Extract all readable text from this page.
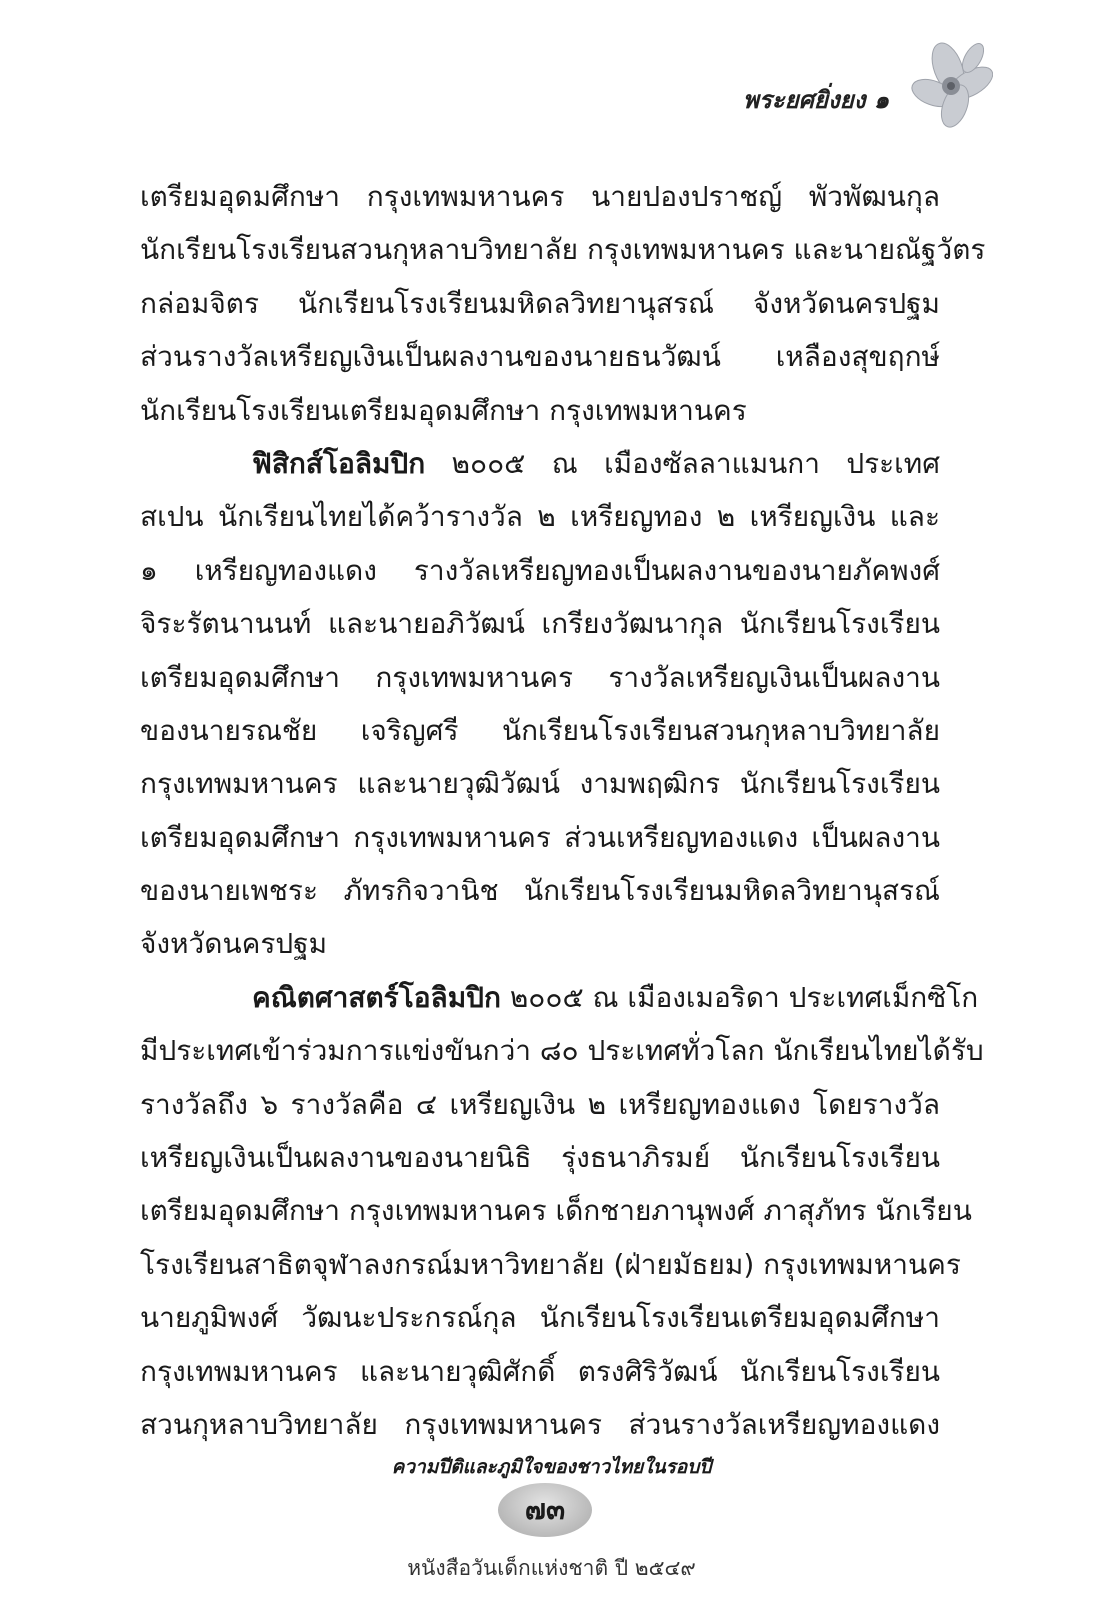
พระยศยิ่งยง ๑
เตรียมอุดมศึกษา กรุงเทพมหานคร นายปองปราชญ์ พัวพัฒนกุล
นักเรียนโรงเรียนสวนกุหลาบวิทยาลัย กรุงเทพมหานคร และนายณัฐวัตร
กล่อมจิตร นักเรียนโรงเรียนมหิดลวิทยานุสรณ์ จังหวัดนครปฐม
ส่วนรางวัลเหรียญเงินเป็นผลงานของนายธนวัฒน์ เหลืองสุขฤกษ์
นักเรียนโรงเรียนเตรียมอุดมศึกษา กรุงเทพมหานคร
ฟิสิกส์โอลิมปิก ๒๐๐๕ ณ เมืองซัลลาแมนกา ประเทศ
สเปน นักเรียนไทยได้คว้ารางวัล ๒ เหรียญทอง ๒ เหรียญเงิน และ
๑ เหรียญทองแดง รางวัลเหรียญทองเป็นผลงานของนายภัคพงศ์
จิระรัตนานนท์ และนายอภิวัฒน์ เกรียงวัฒนากุล นักเรียนโรงเรียน
เตรียมอุดมศึกษา กรุงเทพมหานคร รางวัลเหรียญเงินเป็นผลงาน
ของนายรณชัย เจริญศรี นักเรียนโรงเรียนสวนกุหลาบวิทยาลัย
กรุงเทพมหานคร และนายวุฒิวัฒน์ งามพฤฒิกร นักเรียนโรงเรียน
เตรียมอุดมศึกษา กรุงเทพมหานคร ส่วนเหรียญทองแดง เป็นผลงาน
ของนายเพชระ ภัทรกิจวานิช นักเรียนโรงเรียนมหิดลวิทยานุสรณ์
จังหวัดนครปฐม
คณิตศาสตร์โอลิมปิก ๒๐๐๕ ณ เมืองเมอริดา ประเทศเม็กซิโก
มีประเทศเข้าร่วมการแข่งขันกว่า ๘๐ ประเทศทั่วโลก นักเรียนไทยได้รับ
รางวัลถึง ๖ รางวัลคือ ๔ เหรียญเงิน ๒ เหรียญทองแดง โดยรางวัล
เหรียญเงินเป็นผลงานของนายนิธิ รุ่งธนาภิรมย์ นักเรียนโรงเรียน
เตรียมอุดมศึกษา กรุงเทพมหานคร เด็กชายภานุพงศ์ ภาสุภัทร นักเรียน
โรงเรียนสาธิตจุฬาลงกรณ์มหาวิทยาลัย (ฝ่ายมัธยม) กรุงเทพมหานคร
นายภูมิพงศ์ วัฒนะประกรณ์กุล นักเรียนโรงเรียนเตรียมอุดมศึกษา
กรุงเทพมหานคร และนายวุฒิศักดิ์ ตรงศิริวัฒน์ นักเรียนโรงเรียน
สวนกุหลาบวิทยาลัย กรุงเทพมหานคร ส่วนรางวัลเหรียญทองแดง
ความปีติและภูมิใจของชาวไทยในรอบปี
๗๓
หนังสือวันเด็กแห่งชาติ ปี ๒๕๔๙
